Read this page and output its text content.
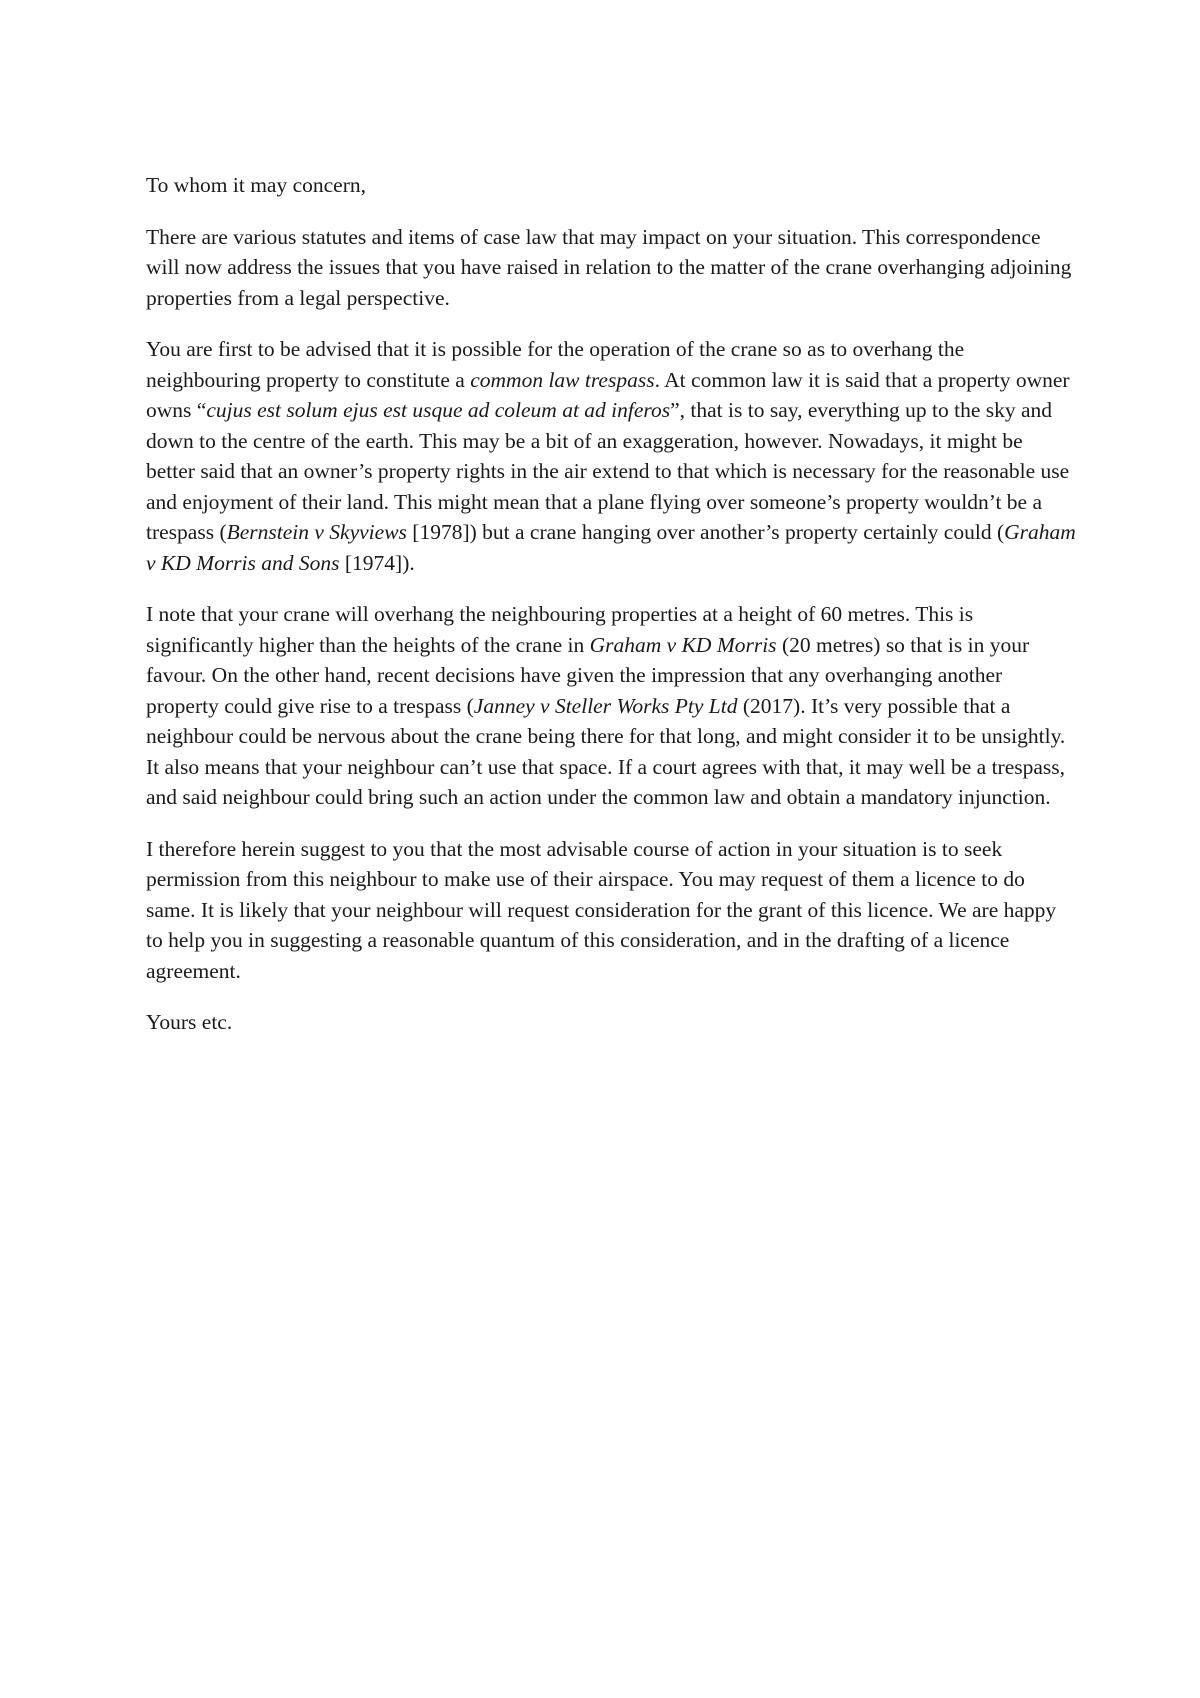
To whom it may concern,

There are various statutes and items of case law that may impact on your situation. This correspondence will now address the issues that you have raised in relation to the matter of the crane overhanging adjoining properties from a legal perspective.

You are first to be advised that it is possible for the operation of the crane so as to overhang the neighbouring property to constitute a common law trespass. At common law it is said that a property owner owns “cujus est solum ejus est usque ad coleum at ad inferos”, that is to say, everything up to the sky and down to the centre of the earth. This may be a bit of an exaggeration, however. Nowadays, it might be better said that an owner’s property rights in the air extend to that which is necessary for the reasonable use and enjoyment of their land. This might mean that a plane flying over someone’s property wouldn’t be a trespass (Bernstein v Skyviews [1978]) but a crane hanging over another’s property certainly could (Graham v KD Morris and Sons [1974]).

I note that your crane will overhang the neighbouring properties at a height of 60 metres. This is significantly higher than the heights of the crane in Graham v KD Morris (20 metres) so that is in your favour. On the other hand, recent decisions have given the impression that any overhanging another property could give rise to a trespass (Janney v Steller Works Pty Ltd (2017). It’s very possible that a neighbour could be nervous about the crane being there for that long, and might consider it to be unsightly. It also means that your neighbour can’t use that space. If a court agrees with that, it may well be a trespass, and said neighbour could bring such an action under the common law and obtain a mandatory injunction.

I therefore herein suggest to you that the most advisable course of action in your situation is to seek permission from this neighbour to make use of their airspace. You may request of them a licence to do same. It is likely that your neighbour will request consideration for the grant of this licence. We are happy to help you in suggesting a reasonable quantum of this consideration, and in the drafting of a licence agreement.

Yours etc.
